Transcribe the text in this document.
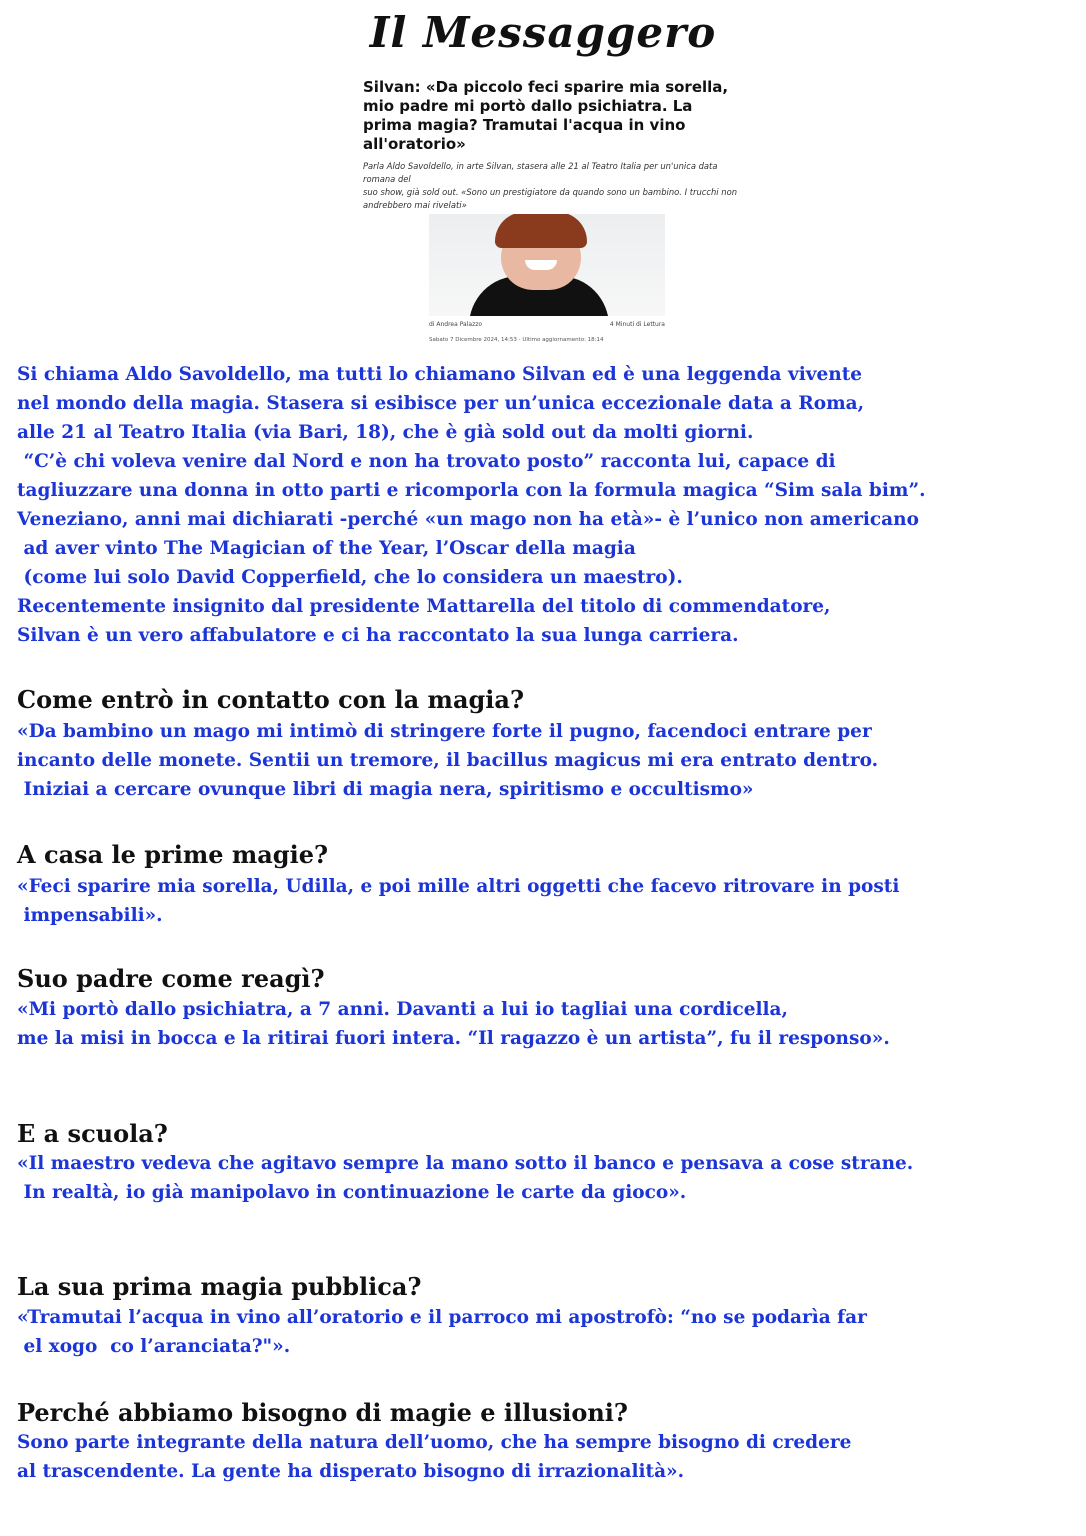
Il Messaggero

Silvan: «Da piccolo feci sparire mia sorella,

mio padre mi portò dallo psichiatra. La

prima magia? Tramutai l'acqua in vino

all'oratorio»

Parla Aldo Savoldello, in arte Silvan, stasera alle 21 al Teatro Italia per un'unica data romana del

suo show, già sold out. «Sono un prestigiatore da quando sono un bambino. I trucchi non

andrebbero mai rivelati»

di Andrea Palazzo	4 Minuti di Lettura
Sabato 7 Dicembre 2024, 14:53 - Ultimo aggiornamento: 18:14
Si chiama Aldo Savoldello, ma tutti lo chiamano Silvan ed è una leggenda vivente
nel mondo della magia. Stasera si esibisce per un’unica eccezionale data a Roma,
alle 21 al Teatro Italia (via Bari, 18), che è già sold out da molti giorni.
“C’è chi voleva venire dal Nord e non ha trovato posto” racconta lui, capace di
tagliuzzare una donna in otto parti e ricomporla con la formula magica “Sim sala bim”.
Veneziano, anni mai dichiarati -perché «un mago non ha età»- è l’unico non americano
ad aver vinto The Magician of the Year, l’Oscar della magia
(come lui solo David Copperfield, che lo considera un maestro).
Recentemente insignito dal presidente Mattarella del titolo di commendatore,
Silvan è un vero affabulatore e ci ha raccontato la sua lunga carriera.
Come entrò in contatto con la magia?
«Da bambino un mago mi intimò di stringere forte il pugno, facendoci entrare per
incanto delle monete. Sentii un tremore, il bacillus magicus mi era entrato dentro.
Iniziai a cercare ovunque libri di magia nera, spiritismo e occultismo»
A casa le prime magie?
«Feci sparire mia sorella, Udilla, e poi mille altri oggetti che facevo ritrovare in posti
impensabili».
Suo padre come reagì?
«Mi portò dallo psichiatra, a 7 anni. Davanti a lui io tagliai una cordicella,
me la misi in bocca e la ritirai fuori intera. “Il ragazzo è un artista”, fu il responso».
E a scuola?
«Il maestro vedeva che agitavo sempre la mano sotto il banco e pensava a cose strane.
In realtà, io già manipolavo in continuazione le carte da gioco».
La sua prima magia pubblica?
«Tramutai l’acqua in vino all’oratorio e il parroco mi apostrofò: “no se podarìa far
el xogo  co l’aranciata?"».
Perché abbiamo bisogno di magie e illusioni?
Sono parte integrante della natura dell’uomo, che ha sempre bisogno di credere
al trascendente. La gente ha disperato bisogno di irrazionalità».
